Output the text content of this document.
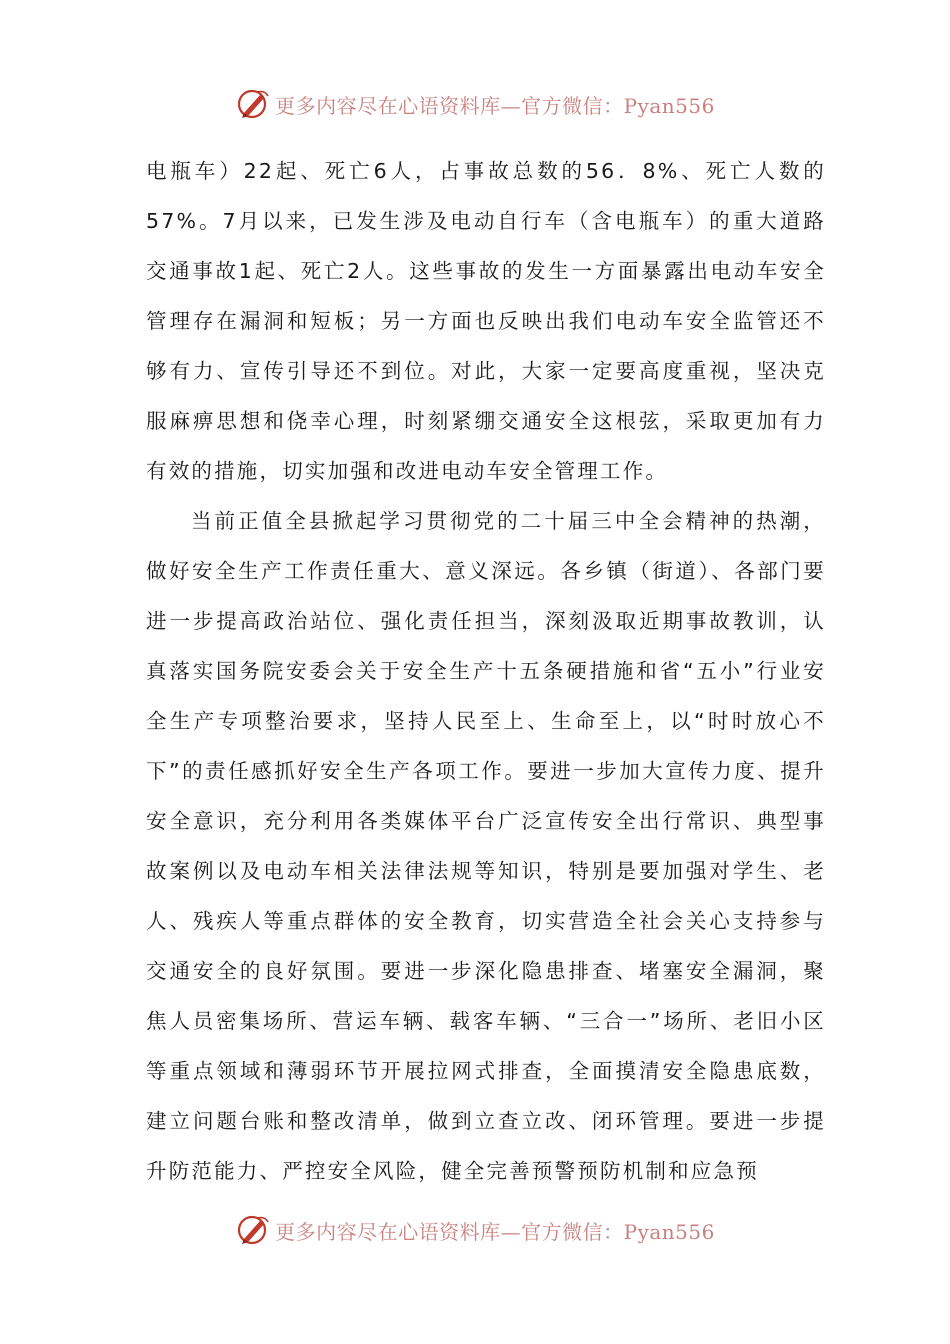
更多内容尽在心语资料库—官方微信：Pyan556

电瓶车）22起、死亡6人，占事故总数的56．8%、死亡人数的57%。7月以来，已发生涉及电动自行车（含电瓶车）的重大道路交通事故1起、死亡2人。这些事故的发生一方面暴露出电动车安全管理存在漏洞和短板；另一方面也反映出我们电动车安全监管还不够有力、宣传引导还不到位。对此，大家一定要高度重视，坚决克服麻痹思想和侥幸心理，时刻紧绷交通安全这根弦，采取更加有力有效的措施，切实加强和改进电动车安全管理工作。

当前正值全县掀起学习贯彻党的二十届三中全会精神的热潮，做好安全生产工作责任重大、意义深远。各乡镇（街道）、各部门要进一步提高政治站位、强化责任担当，深刻汲取近期事故教训，认真落实国务院安委会关于安全生产十五条硬措施和省“五小”行业安全生产专项整治要求，坚持人民至上、生命至上，以“时时放心不下”的责任感抓好安全生产各项工作。要进一步加大宣传力度、提升安全意识，充分利用各类媒体平台广泛宣传安全出行常识、典型事故案例以及电动车相关法律法规等知识，特别是要加强对学生、老人、残疾人等重点群体的安全教育，切实营造全社会关心支持参与交通安全的良好氛围。要进一步深化隐患排查、堵塞安全漏洞，聚焦人员密集场所、营运车辆、载客车辆、“三合一”场所、老旧小区等重点领域和薄弱环节开展拉网式排查，全面摸清安全隐患底数，建立问题台账和整改清单，做到立查立改、闭环管理。要进一步提升防范能力、严控安全风险，健全完善预警预防机制和应急预

更多内容尽在心语资料库—官方微信：Pyan556
